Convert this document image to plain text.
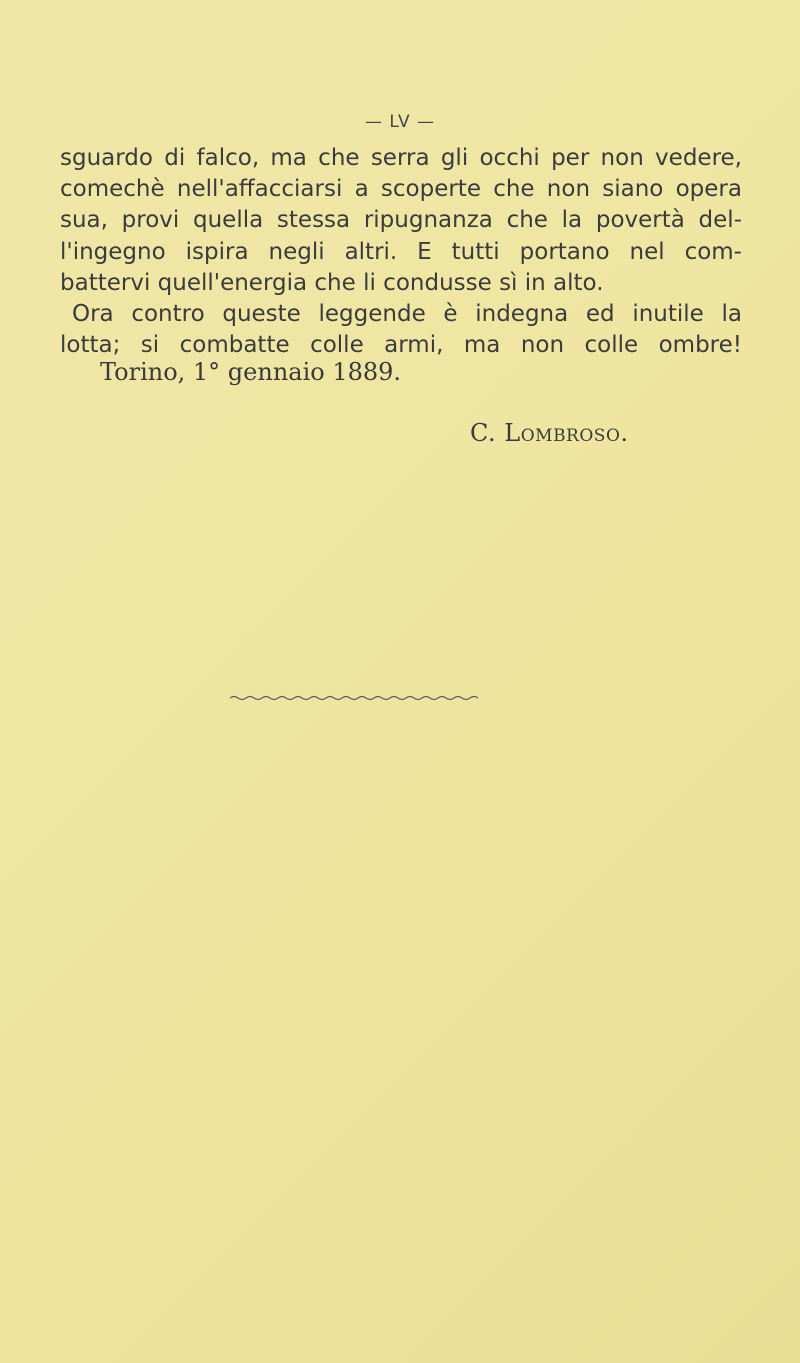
— LV —
sguardo di falco, ma che serra gli occhi per non vedere,
comechè nell'affacciarsi a scoperte che non siano opera
sua, provi quella stessa ripugnanza che la povertà del-
l'ingegno ispira negli altri. E tutti portano nel com-
battervi quell'energia che li condusse sì in alto.
Ora contro queste leggende è indegna ed inutile la
lotta; si combatte colle armi, ma non colle ombre!
Torino, 1° gennaio 1889.
C. Lombroso.
